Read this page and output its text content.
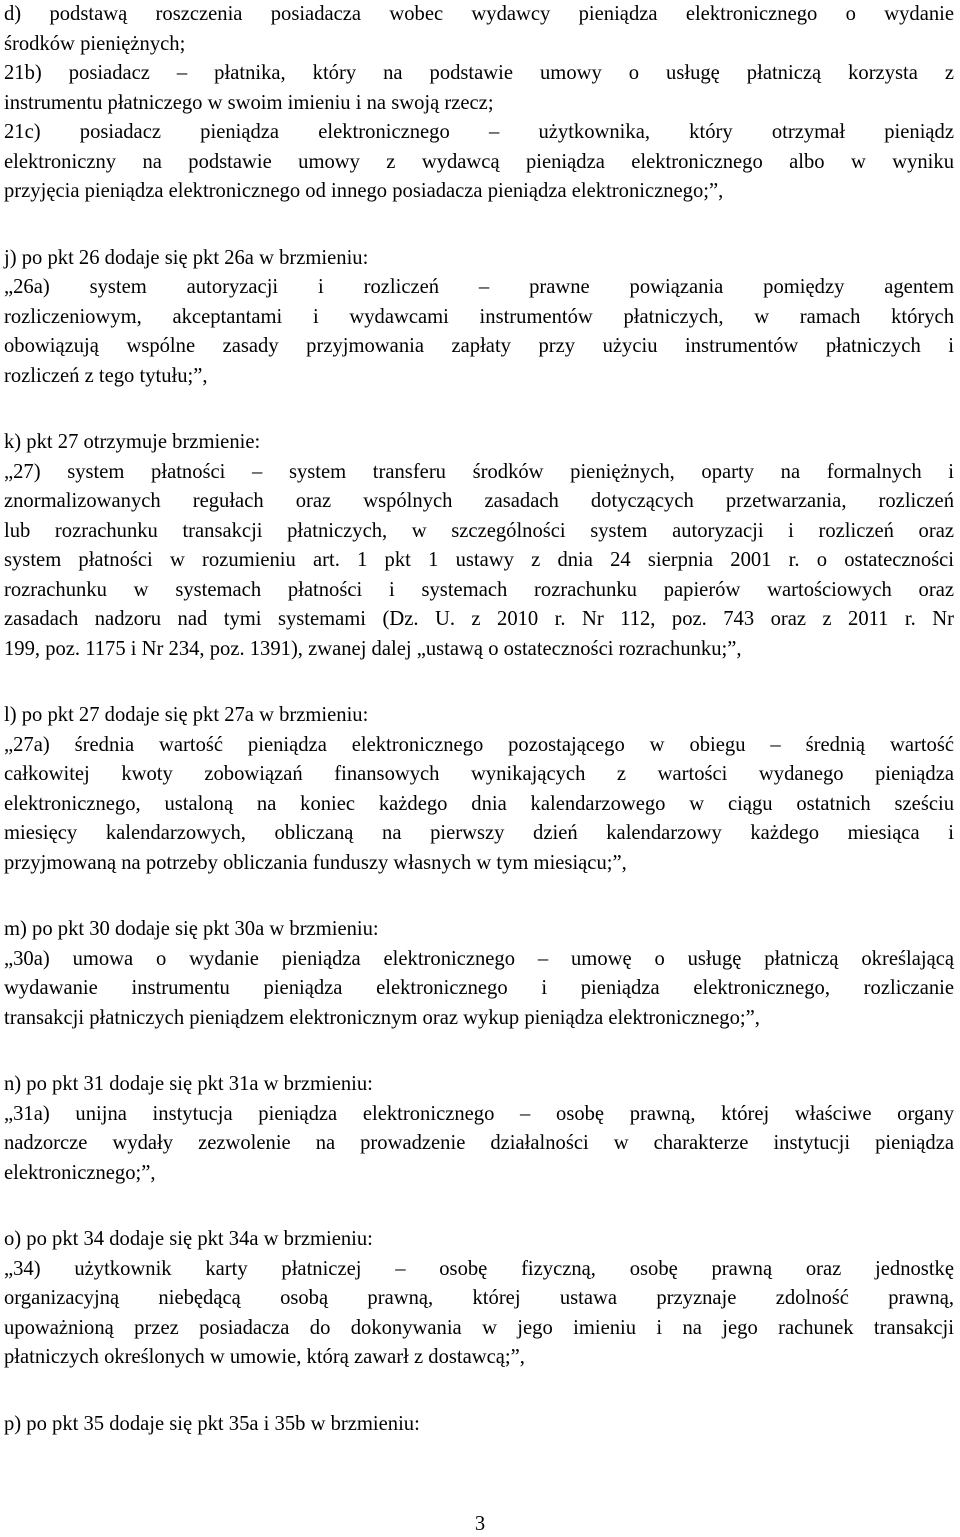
d) podstawą roszczenia posiadacza wobec wydawcy pieniądza elektronicznego o wydanie
środków pieniężnych;

21b) posiadacz – płatnika, który na podstawie umowy o usługę płatniczą korzysta z
instrumentu płatniczego w swoim imieniu i na swoją rzecz;

21c) posiadacz pieniądza elektronicznego – użytkownika, który otrzymał pieniądz
elektroniczny na podstawie umowy z wydawcą pieniądza elektronicznego albo w wyniku
przyjęcia pieniądza elektronicznego od innego posiadacza pieniądza elektronicznego;”,

j) po pkt 26 dodaje się pkt 26a w brzmieniu:

„26a) system autoryzacji i rozliczeń – prawne powiązania pomiędzy agentem
rozliczeniowym, akceptantami i wydawcami instrumentów płatniczych, w ramach których
obowiązują wspólne zasady przyjmowania zapłaty przy użyciu instrumentów płatniczych i
rozliczeń z tego tytułu;”,

k) pkt 27 otrzymuje brzmienie:

„27) system płatności – system transferu środków pieniężnych, oparty na formalnych i
znormalizowanych regułach oraz wspólnych zasadach dotyczących przetwarzania, rozliczeń
lub rozrachunku transakcji płatniczych, w szczególności system autoryzacji i rozliczeń oraz
system płatności w rozumieniu art. 1 pkt 1 ustawy z dnia 24 sierpnia 2001 r. o ostateczności
rozrachunku w systemach płatności i systemach rozrachunku papierów wartościowych oraz
zasadach nadzoru nad tymi systemami (Dz. U. z 2010 r. Nr 112, poz. 743 oraz z 2011 r. Nr
199, poz. 1175 i Nr 234, poz. 1391), zwanej dalej „ustawą o ostateczności rozrachunku;”,

l) po pkt 27 dodaje się pkt 27a w brzmieniu:

„27a) średnia wartość pieniądza elektronicznego pozostającego w obiegu – średnią wartość
całkowitej kwoty zobowiązań finansowych wynikających z wartości wydanego pieniądza
elektronicznego, ustaloną na koniec każdego dnia kalendarzowego w ciągu ostatnich sześciu
miesięcy kalendarzowych, obliczaną na pierwszy dzień kalendarzowy każdego miesiąca i
przyjmowaną na potrzeby obliczania funduszy własnych w tym miesiącu;”,

m) po pkt 30 dodaje się pkt 30a w brzmieniu:

„30a) umowa o wydanie pieniądza elektronicznego – umowę o usługę płatniczą określającą
wydawanie instrumentu pieniądza elektronicznego i pieniądza elektronicznego, rozliczanie
transakcji płatniczych pieniądzem elektronicznym oraz wykup pieniądza elektronicznego;”,

n) po pkt 31 dodaje się pkt 31a w brzmieniu:

„31a) unijna instytucja pieniądza elektronicznego – osobę prawną, której właściwe organy
nadzorcze wydały zezwolenie na prowadzenie działalności w charakterze instytucji pieniądza
elektronicznego;”,

o) po pkt 34 dodaje się pkt 34a w brzmieniu:

„34) użytkownik karty płatniczej – osobę fizyczną, osobę prawną oraz jednostkę
organizacyjną niebędącą osobą prawną, której ustawa przyznaje zdolność prawną,
upoważnioną przez posiadacza do dokonywania w jego imieniu i na jego rachunek transakcji
płatniczych określonych w umowie, którą zawarł z dostawcą;”,

p) po pkt 35 dodaje się pkt 35a i 35b w brzmieniu:

3
